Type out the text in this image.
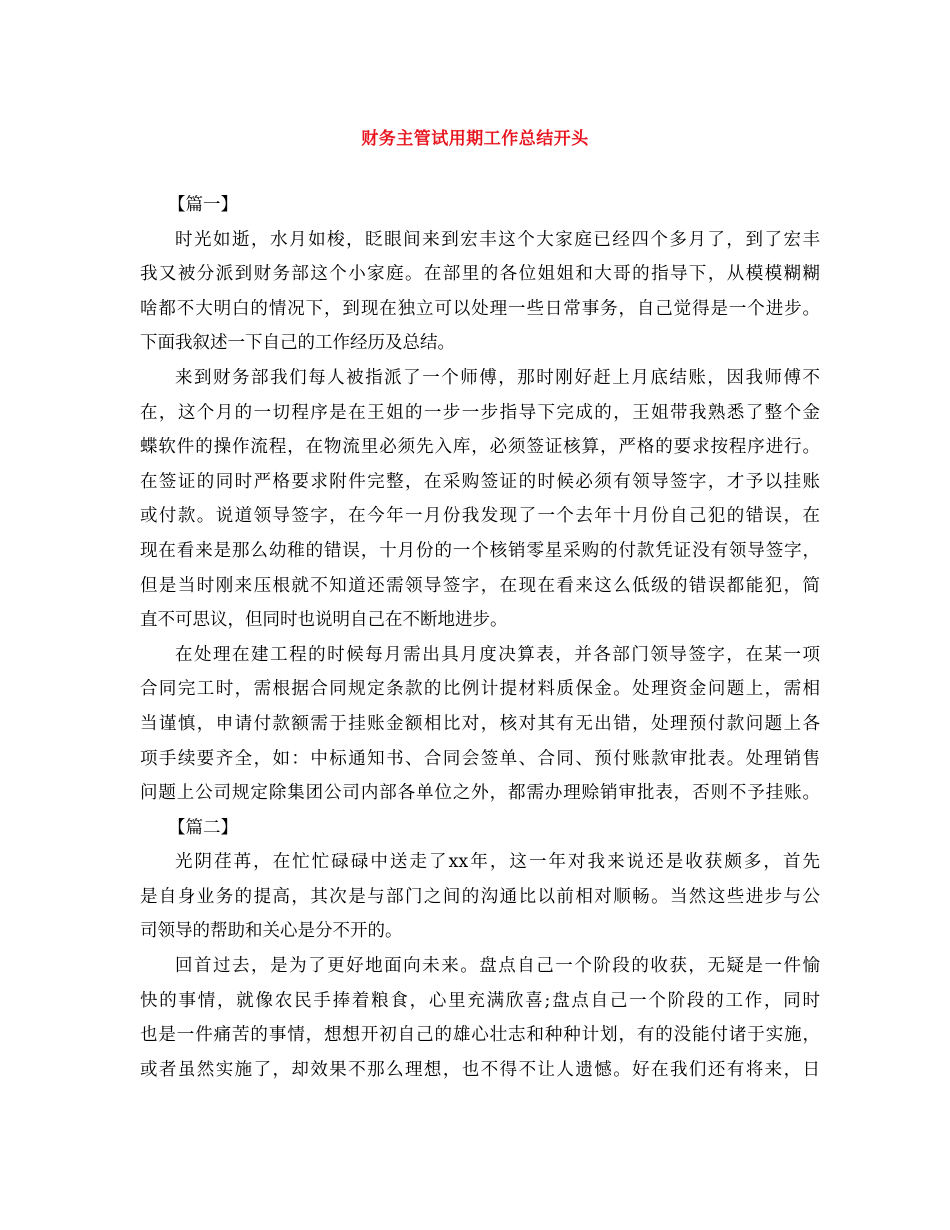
财务主管试用期工作总结开头
【篇一】
时光如逝，水月如梭，眨眼间来到宏丰这个大家庭已经四个多月了，到了宏丰
我又被分派到财务部这个小家庭。在部里的各位姐姐和大哥的指导下，从模模糊糊
啥都不大明白的情况下，到现在独立可以处理一些日常事务，自己觉得是一个进步。
下面我叙述一下自己的工作经历及总结。
来到财务部我们每人被指派了一个师傅，那时刚好赶上月底结账，因我师傅不
在，这个月的一切程序是在王姐的一步一步指导下完成的，王姐带我熟悉了整个金
蝶软件的操作流程，在物流里必须先入库，必须签证核算，严格的要求按程序进行。
在签证的同时严格要求附件完整，在采购签证的时候必须有领导签字，才予以挂账
或付款。说道领导签字，在今年一月份我发现了一个去年十月份自己犯的错误，在
现在看来是那么幼稚的错误，十月份的一个核销零星采购的付款凭证没有领导签字，
但是当时刚来压根就不知道还需领导签字，在现在看来这么低级的错误都能犯，简
直不可思议，但同时也说明自己在不断地进步。
在处理在建工程的时候每月需出具月度决算表，并各部门领导签字，在某一项
合同完工时，需根据合同规定条款的比例计提材料质保金。处理资金问题上，需相
当谨慎，申请付款额需于挂账金额相比对，核对其有无出错，处理预付款问题上各
项手续要齐全，如：中标通知书、合同会签单、合同、预付账款审批表。处理销售
问题上公司规定除集团公司内部各单位之外，都需办理赊销审批表，否则不予挂账。
【篇二】
光阴荏苒，在忙忙碌碌中送走了xx年，这一年对我来说还是收获颇多，首先
是自身业务的提高，其次是与部门之间的沟通比以前相对顺畅。当然这些进步与公
司领导的帮助和关心是分不开的。
回首过去，是为了更好地面向未来。盘点自己一个阶段的收获，无疑是一件愉
快的事情，就像农民手捧着粮食，心里充满欣喜;盘点自己一个阶段的工作，同时
也是一件痛苦的事情，想想开初自己的雄心壮志和种种计划，有的没能付诸于实施，
或者虽然实施了，却效果不那么理想，也不得不让人遗憾。好在我们还有将来，日
